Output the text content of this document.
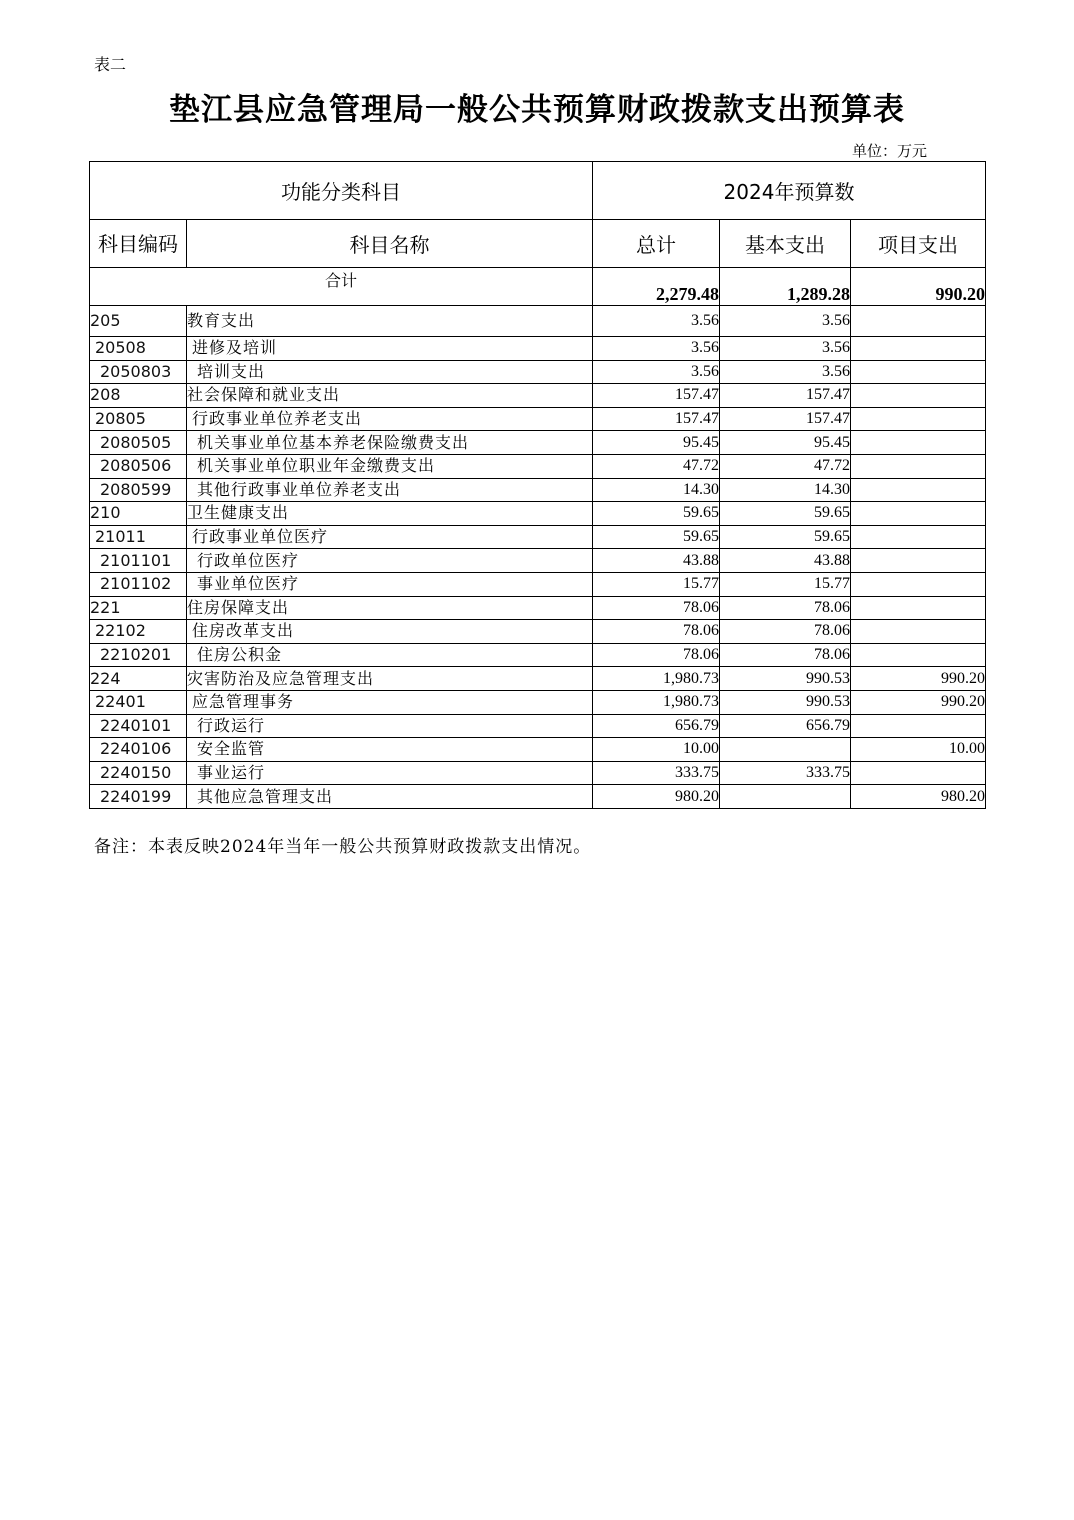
表二
垫江县应急管理局一般公共预算财政拨款支出预算表
单位：万元
功能分类科目		2024年预算数		
科目编码	科目名称	总计	基本支出	项目支出
合计		2,279.48	1,289.28	990.20
205	教育支出	3.56	3.56	
20508	进修及培训	3.56	3.56	
2050803	培训支出	3.56	3.56	
208	社会保障和就业支出	157.47	157.47	
20805	行政事业单位养老支出	157.47	157.47	
2080505	机关事业单位基本养老保险缴费支出	95.45	95.45	
2080506	机关事业单位职业年金缴费支出	47.72	47.72	
2080599	其他行政事业单位养老支出	14.30	14.30	
210	卫生健康支出	59.65	59.65	
21011	行政事业单位医疗	59.65	59.65	
2101101	行政单位医疗	43.88	43.88	
2101102	事业单位医疗	15.77	15.77	
221	住房保障支出	78.06	78.06	
22102	住房改革支出	78.06	78.06	
2210201	住房公积金	78.06	78.06	
224	灾害防治及应急管理支出	1,980.73	990.53	990.20
22401	应急管理事务	1,980.73	990.53	990.20
2240101	行政运行	656.79	656.79	
2240106	安全监管	10.00		10.00
2240150	事业运行	333.75	333.75	
2240199	其他应急管理支出	980.20		980.20
备注：本表反映2024年当年一般公共预算财政拨款支出情况。
